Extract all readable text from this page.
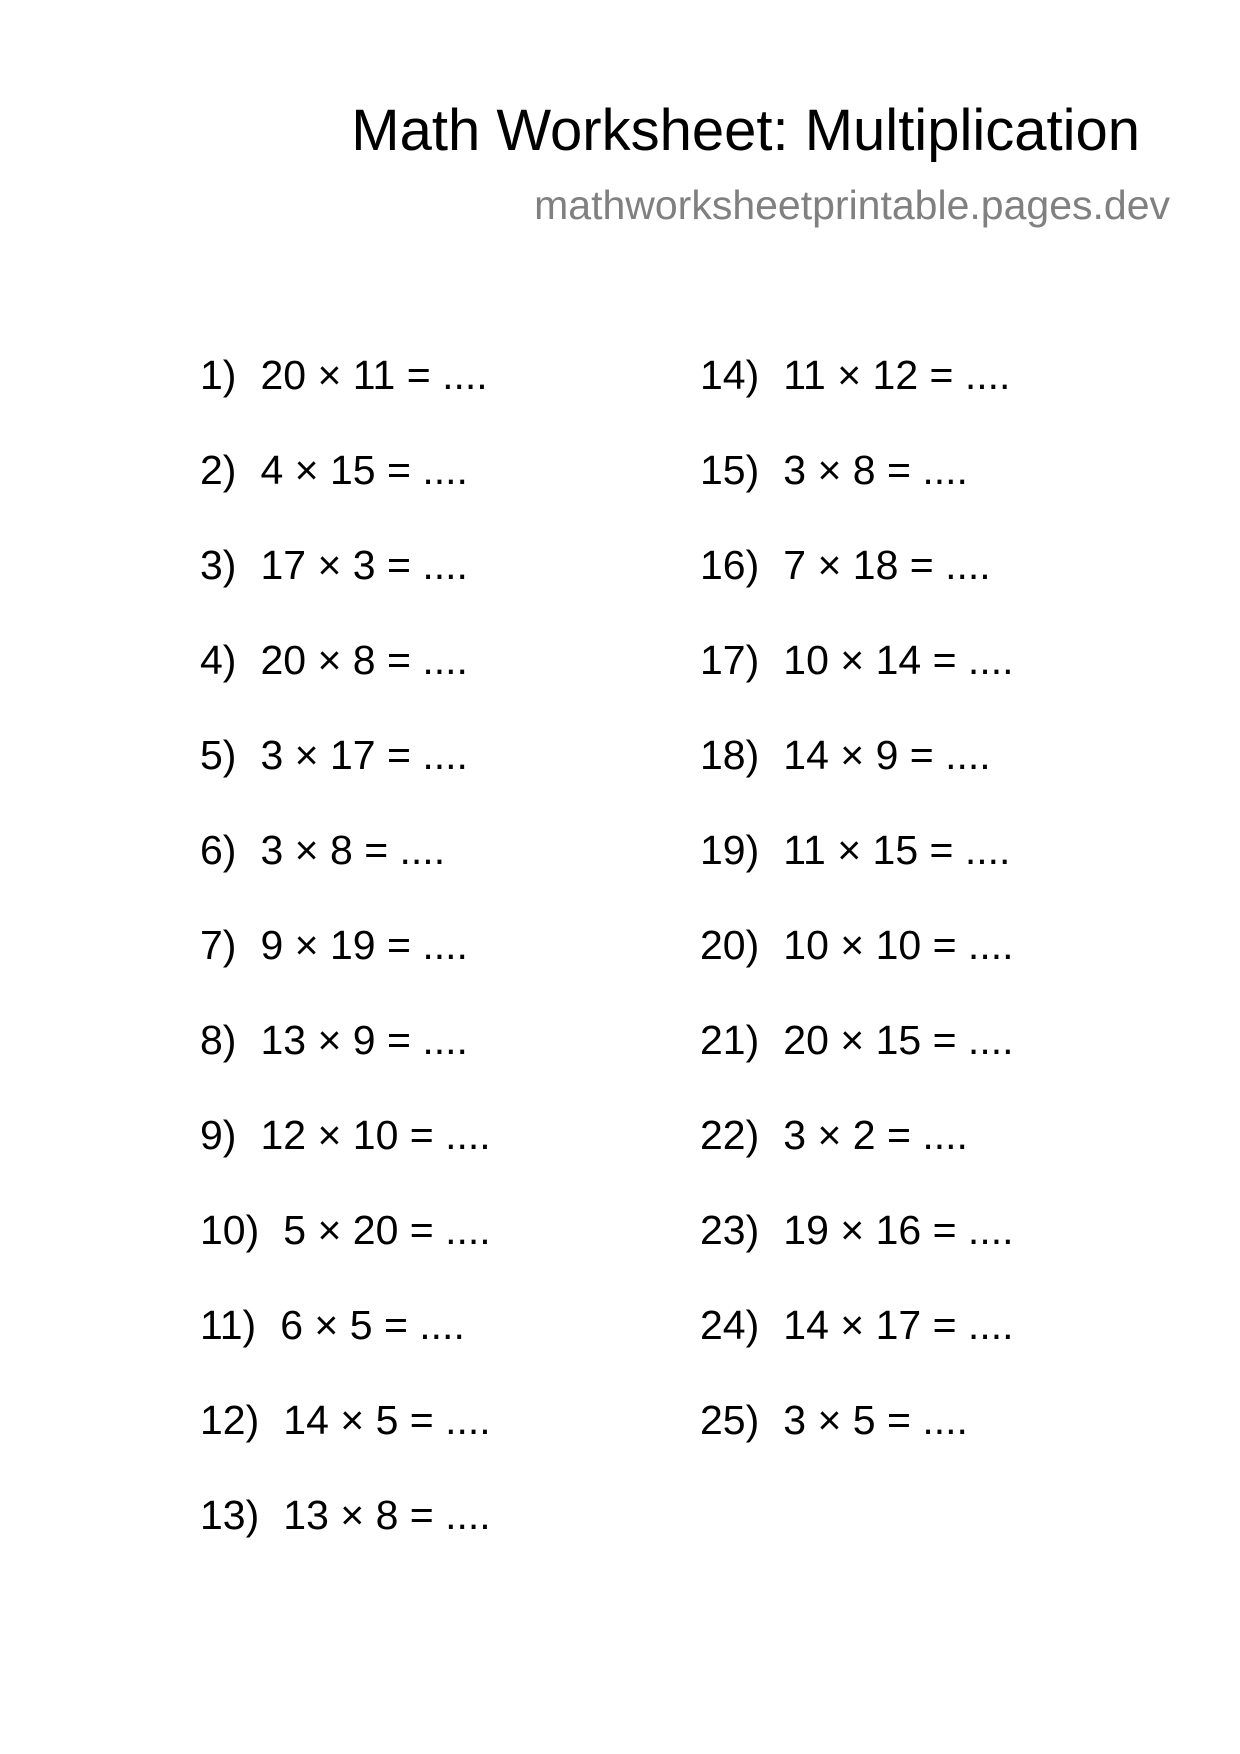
Math Worksheet: Multiplication
mathworksheetprintable.pages.dev
1) 20 × 11 = ....
2) 4 × 15 = ....
3) 17 × 3 = ....
4) 20 × 8 = ....
5) 3 × 17 = ....
6) 3 × 8 = ....
7) 9 × 19 = ....
8) 13 × 9 = ....
9) 12 × 10 = ....
10) 5 × 20 = ....
11) 6 × 5 = ....
12) 14 × 5 = ....
13) 13 × 8 = ....
14) 11 × 12 = ....
15) 3 × 8 = ....
16) 7 × 18 = ....
17) 10 × 14 = ....
18) 14 × 9 = ....
19) 11 × 15 = ....
20) 10 × 10 = ....
21) 20 × 15 = ....
22) 3 × 2 = ....
23) 19 × 16 = ....
24) 14 × 17 = ....
25) 3 × 5 = ....
